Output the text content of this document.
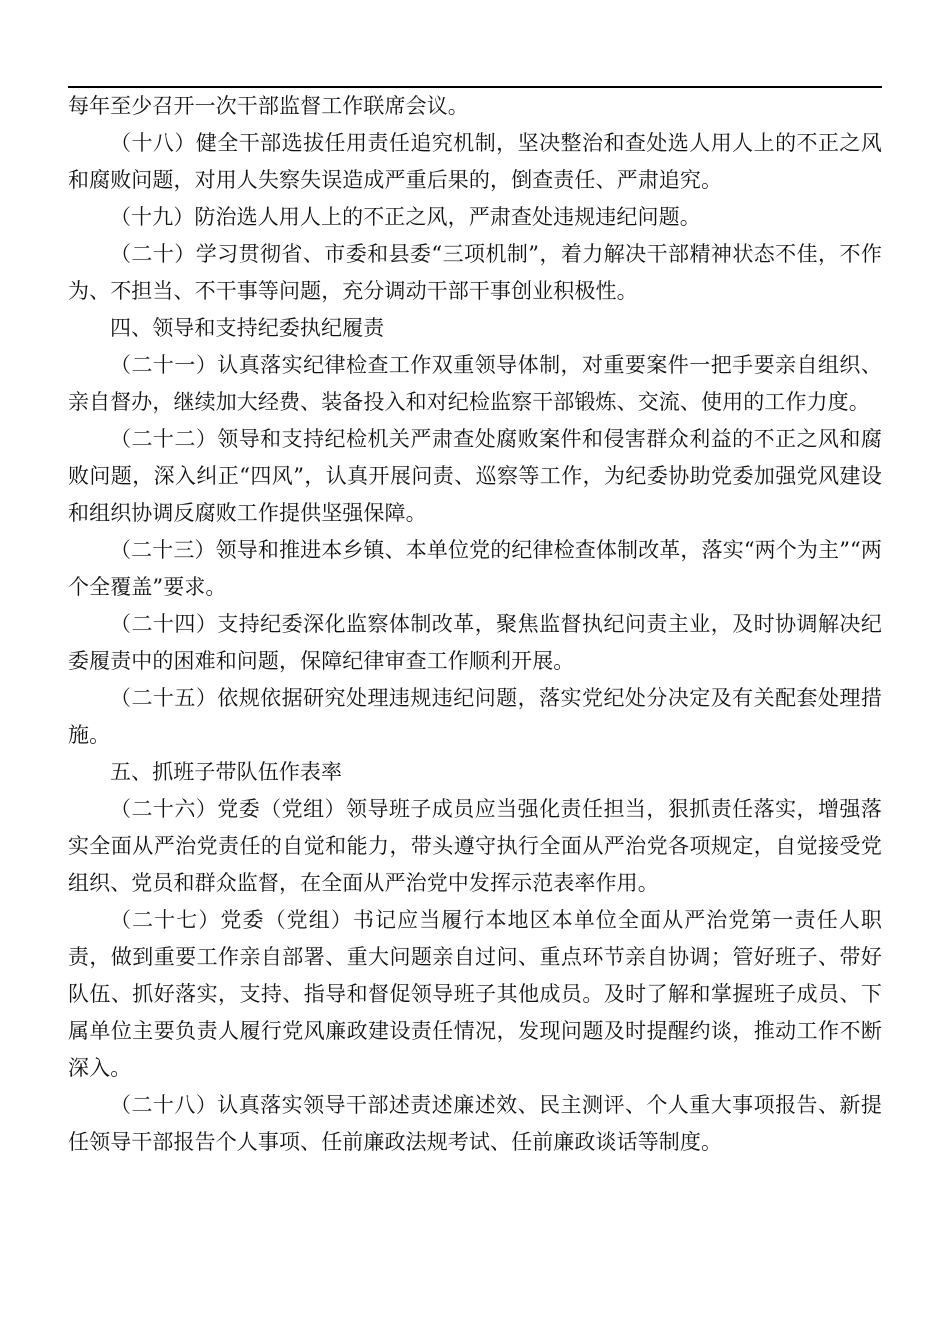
每年至少召开一次干部监督工作联席会议。

（十八）健全干部选拔任用责任追究机制，坚决整治和查处选人用人上的不正之风和腐败问题，对用人失察失误造成严重后果的，倒查责任、严肃追究。

（十九）防治选人用人上的不正之风，严肃查处违规违纪问题。

（二十）学习贯彻省、市委和县委“三项机制”，着力解决干部精神状态不佳，不作为、不担当、不干事等问题，充分调动干部干事创业积极性。

四、领导和支持纪委执纪履责

（二十一）认真落实纪律检查工作双重领导体制，对重要案件一把手要亲自组织、亲自督办，继续加大经费、装备投入和对纪检监察干部锻炼、交流、使用的工作力度。

（二十二）领导和支持纪检机关严肃查处腐败案件和侵害群众利益的不正之风和腐败问题，深入纠正“四风”，认真开展问责、巡察等工作，为纪委协助党委加强党风建设和组织协调反腐败工作提供坚强保障。

（二十三）领导和推进本乡镇、本单位党的纪律检查体制改革，落实“两个为主”“两个全覆盖”要求。

（二十四）支持纪委深化监察体制改革，聚焦监督执纪问责主业，及时协调解决纪委履责中的困难和问题，保障纪律审查工作顺利开展。

（二十五）依规依据研究处理违规违纪问题，落实党纪处分决定及有关配套处理措施。

五、抓班子带队伍作表率

（二十六）党委（党组）领导班子成员应当强化责任担当，狠抓责任落实，增强落实全面从严治党责任的自觉和能力，带头遵守执行全面从严治党各项规定，自觉接受党组织、党员和群众监督，在全面从严治党中发挥示范表率作用。

（二十七）党委（党组）书记应当履行本地区本单位全面从严治党第一责任人职责，做到重要工作亲自部署、重大问题亲自过问、重点环节亲自协调；管好班子、带好队伍、抓好落实，支持、指导和督促领导班子其他成员。及时了解和掌握班子成员、下属单位主要负责人履行党风廉政建设责任情况，发现问题及时提醒约谈，推动工作不断深入。

（二十八）认真落实领导干部述责述廉述效、民主测评、个人重大事项报告、新提任领导干部报告个人事项、任前廉政法规考试、任前廉政谈话等制度。
